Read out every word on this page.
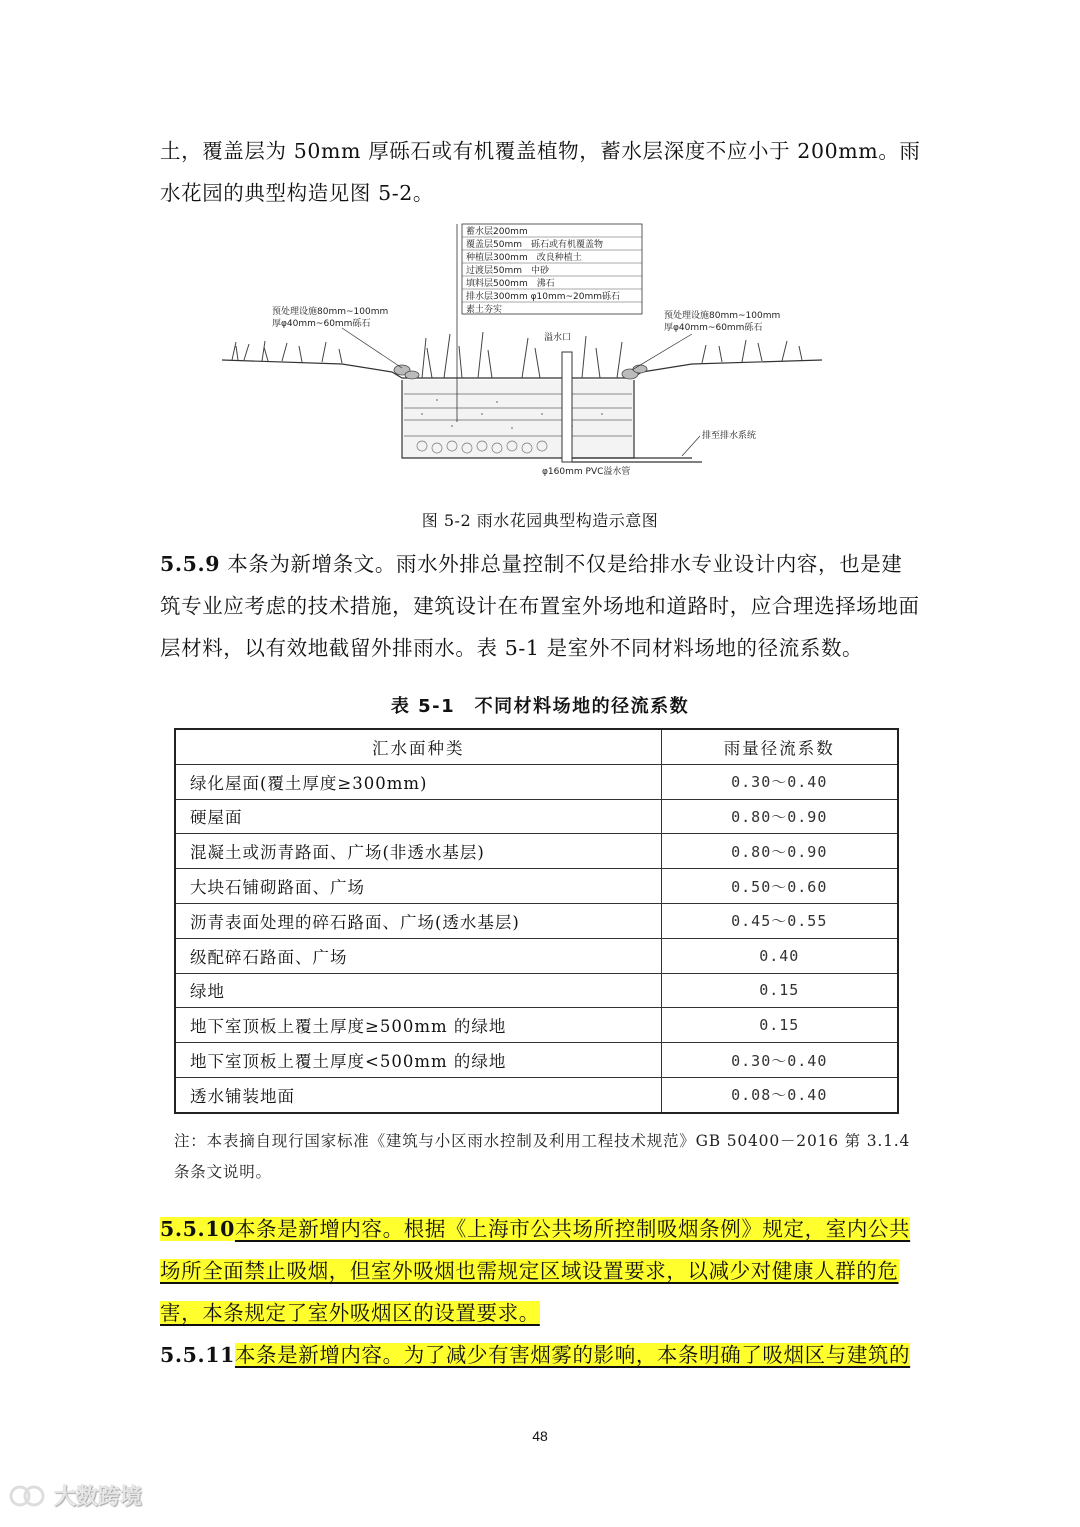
土，覆盖层为 50mm 厚砾石或有机覆盖植物，蓄水层深度不应小于 200mm。雨水花园的典型构造见图 5-2。

蓄水层200mm
覆盖层50mm　砾石或有机覆盖物
种植层300mm　改良种植土
过渡层50mm　中砂
填料层500mm　沸石
排水层300mm φ10mm~20mm砾石
素土夯实
预处理设施80mm~100mm
厚φ40mm~60mm砾石
预处理设施80mm~100mm
厚φ40mm~60mm砾石
溢水口
排至排水系统
φ160mm PVC溢水管
图 5-2 雨水花园典型构造示意图

5.5.9 本条为新增条文。雨水外排总量控制不仅是给排水专业设计内容，也是建筑专业应考虑的技术措施，建筑设计在布置室外场地和道路时，应合理选择场地面层材料，以有效地截留外排雨水。表 5-1 是室外不同材料场地的径流系数。

表 5-1　不同材料场地的径流系数
汇水面种类	雨量径流系数
绿化屋面(覆土厚度≥300mm)	0.30～0.40
硬屋面	0.80～0.90
混凝土或沥青路面、广场(非透水基层)	0.80～0.90
大块石铺砌路面、广场	0.50～0.60
沥青表面处理的碎石路面、广场(透水基层)	0.45～0.55
级配碎石路面、广场	0.40
绿地	0.15
地下室顶板上覆土厚度≥500mm 的绿地	0.15
地下室顶板上覆土厚度<500mm 的绿地	0.30～0.40
透水铺装地面	0.08～0.40

注：本表摘自现行国家标准《建筑与小区雨水控制及利用工程技术规范》GB 50400－2016 第 3.1.4 条条文说明。

5.5.10本条是新增内容。根据《上海市公共场所控制吸烟条例》规定，室内公共场所全面禁止吸烟，但室外吸烟也需规定区域设置要求，以减少对健康人群的危害，本条规定了室外吸烟区的设置要求。

5.5.11本条是新增内容。为了减少有害烟雾的影响，本条明确了吸烟区与建筑的

48
大数跨境
